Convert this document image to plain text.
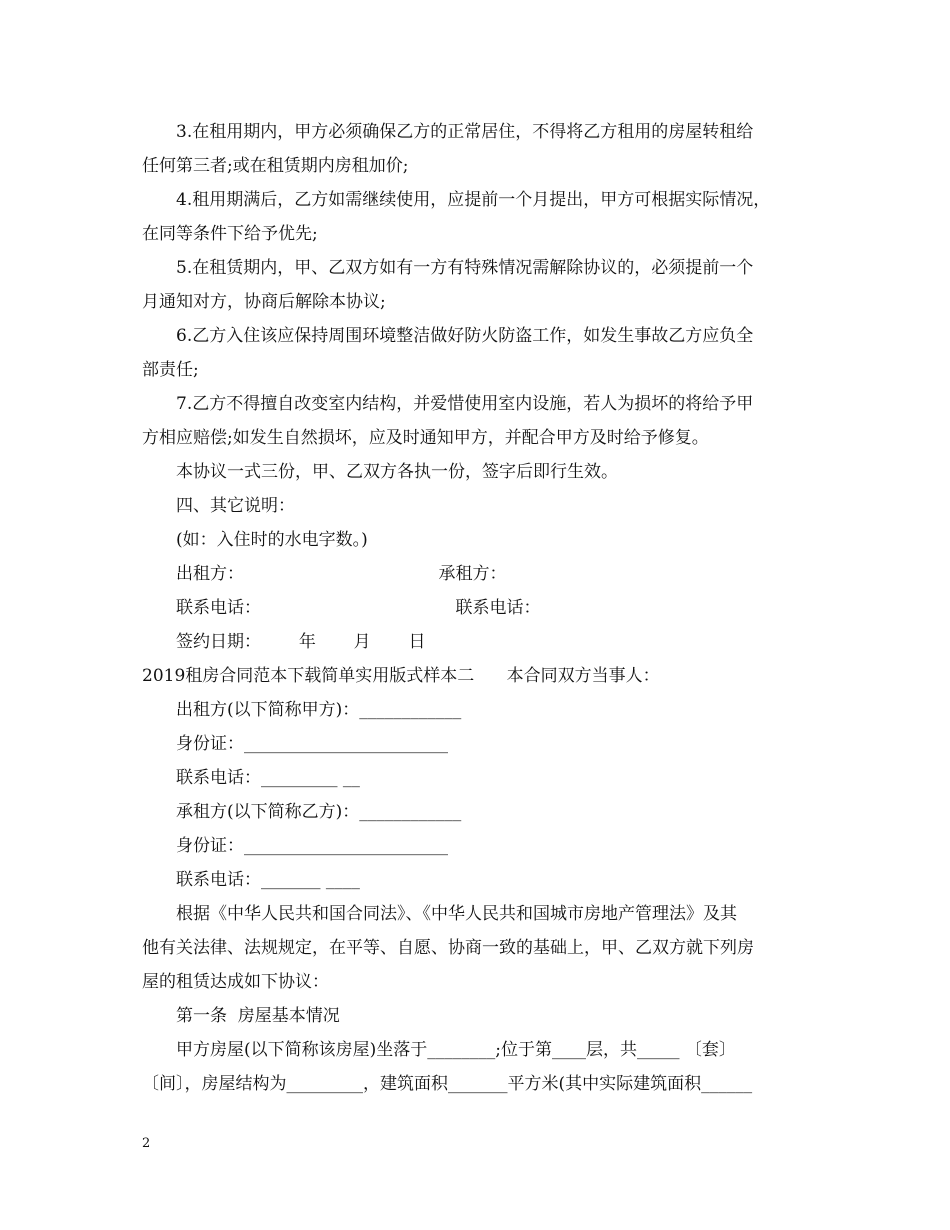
3.在租用期内，甲方必须确保乙方的正常居住，不得将乙方租用的房屋转租给
任何第三者;或在租赁期内房租加价;
4.租用期满后，乙方如需继续使用，应提前一个月提出，甲方可根据实际情况，
在同等条件下给予优先;
5.在租赁期内，甲、乙双方如有一方有特殊情况需解除协议的，必须提前一个
月通知对方，协商后解除本协议;
6.乙方入住该应保持周围环境整洁做好防火防盗工作，如发生事故乙方应负全
部责任;
7.乙方不得擅自改变室内结构，并爱惜使用室内设施，若人为损坏的将给予甲
方相应赔偿;如发生自然损坏，应及时通知甲方，并配合甲方及时给予修复。
本协议一式三份，甲、乙双方各执一份，签字后即行生效。
四、其它说明：
(如：入住时的水电字数。)
出租方：                                    承租方：
联系电话：                                    联系电话：
签约日期：       年       月       日
2019租房合同范本下载简单实用版式样本二      本合同双方当事人：
出租方(以下简称甲方)：____________
身份证：________________________
联系电话：_________ __
承租方(以下简称乙方)：____________
身份证：________________________
联系电话：_______ ____
根据《中华人民共和国合同法》、《中华人民共和国城市房地产管理法》及其
他有关法律、法规规定，在平等、自愿、协商一致的基础上，甲、乙双方就下列房
屋的租赁达成如下协议：
第一条  房屋基本情况
甲方房屋(以下简称该房屋)坐落于________;位于第____层，共_____ 〔套〕
〔间〕，房屋结构为_________，建筑面积_______平方米(其中实际建筑面积______
2
